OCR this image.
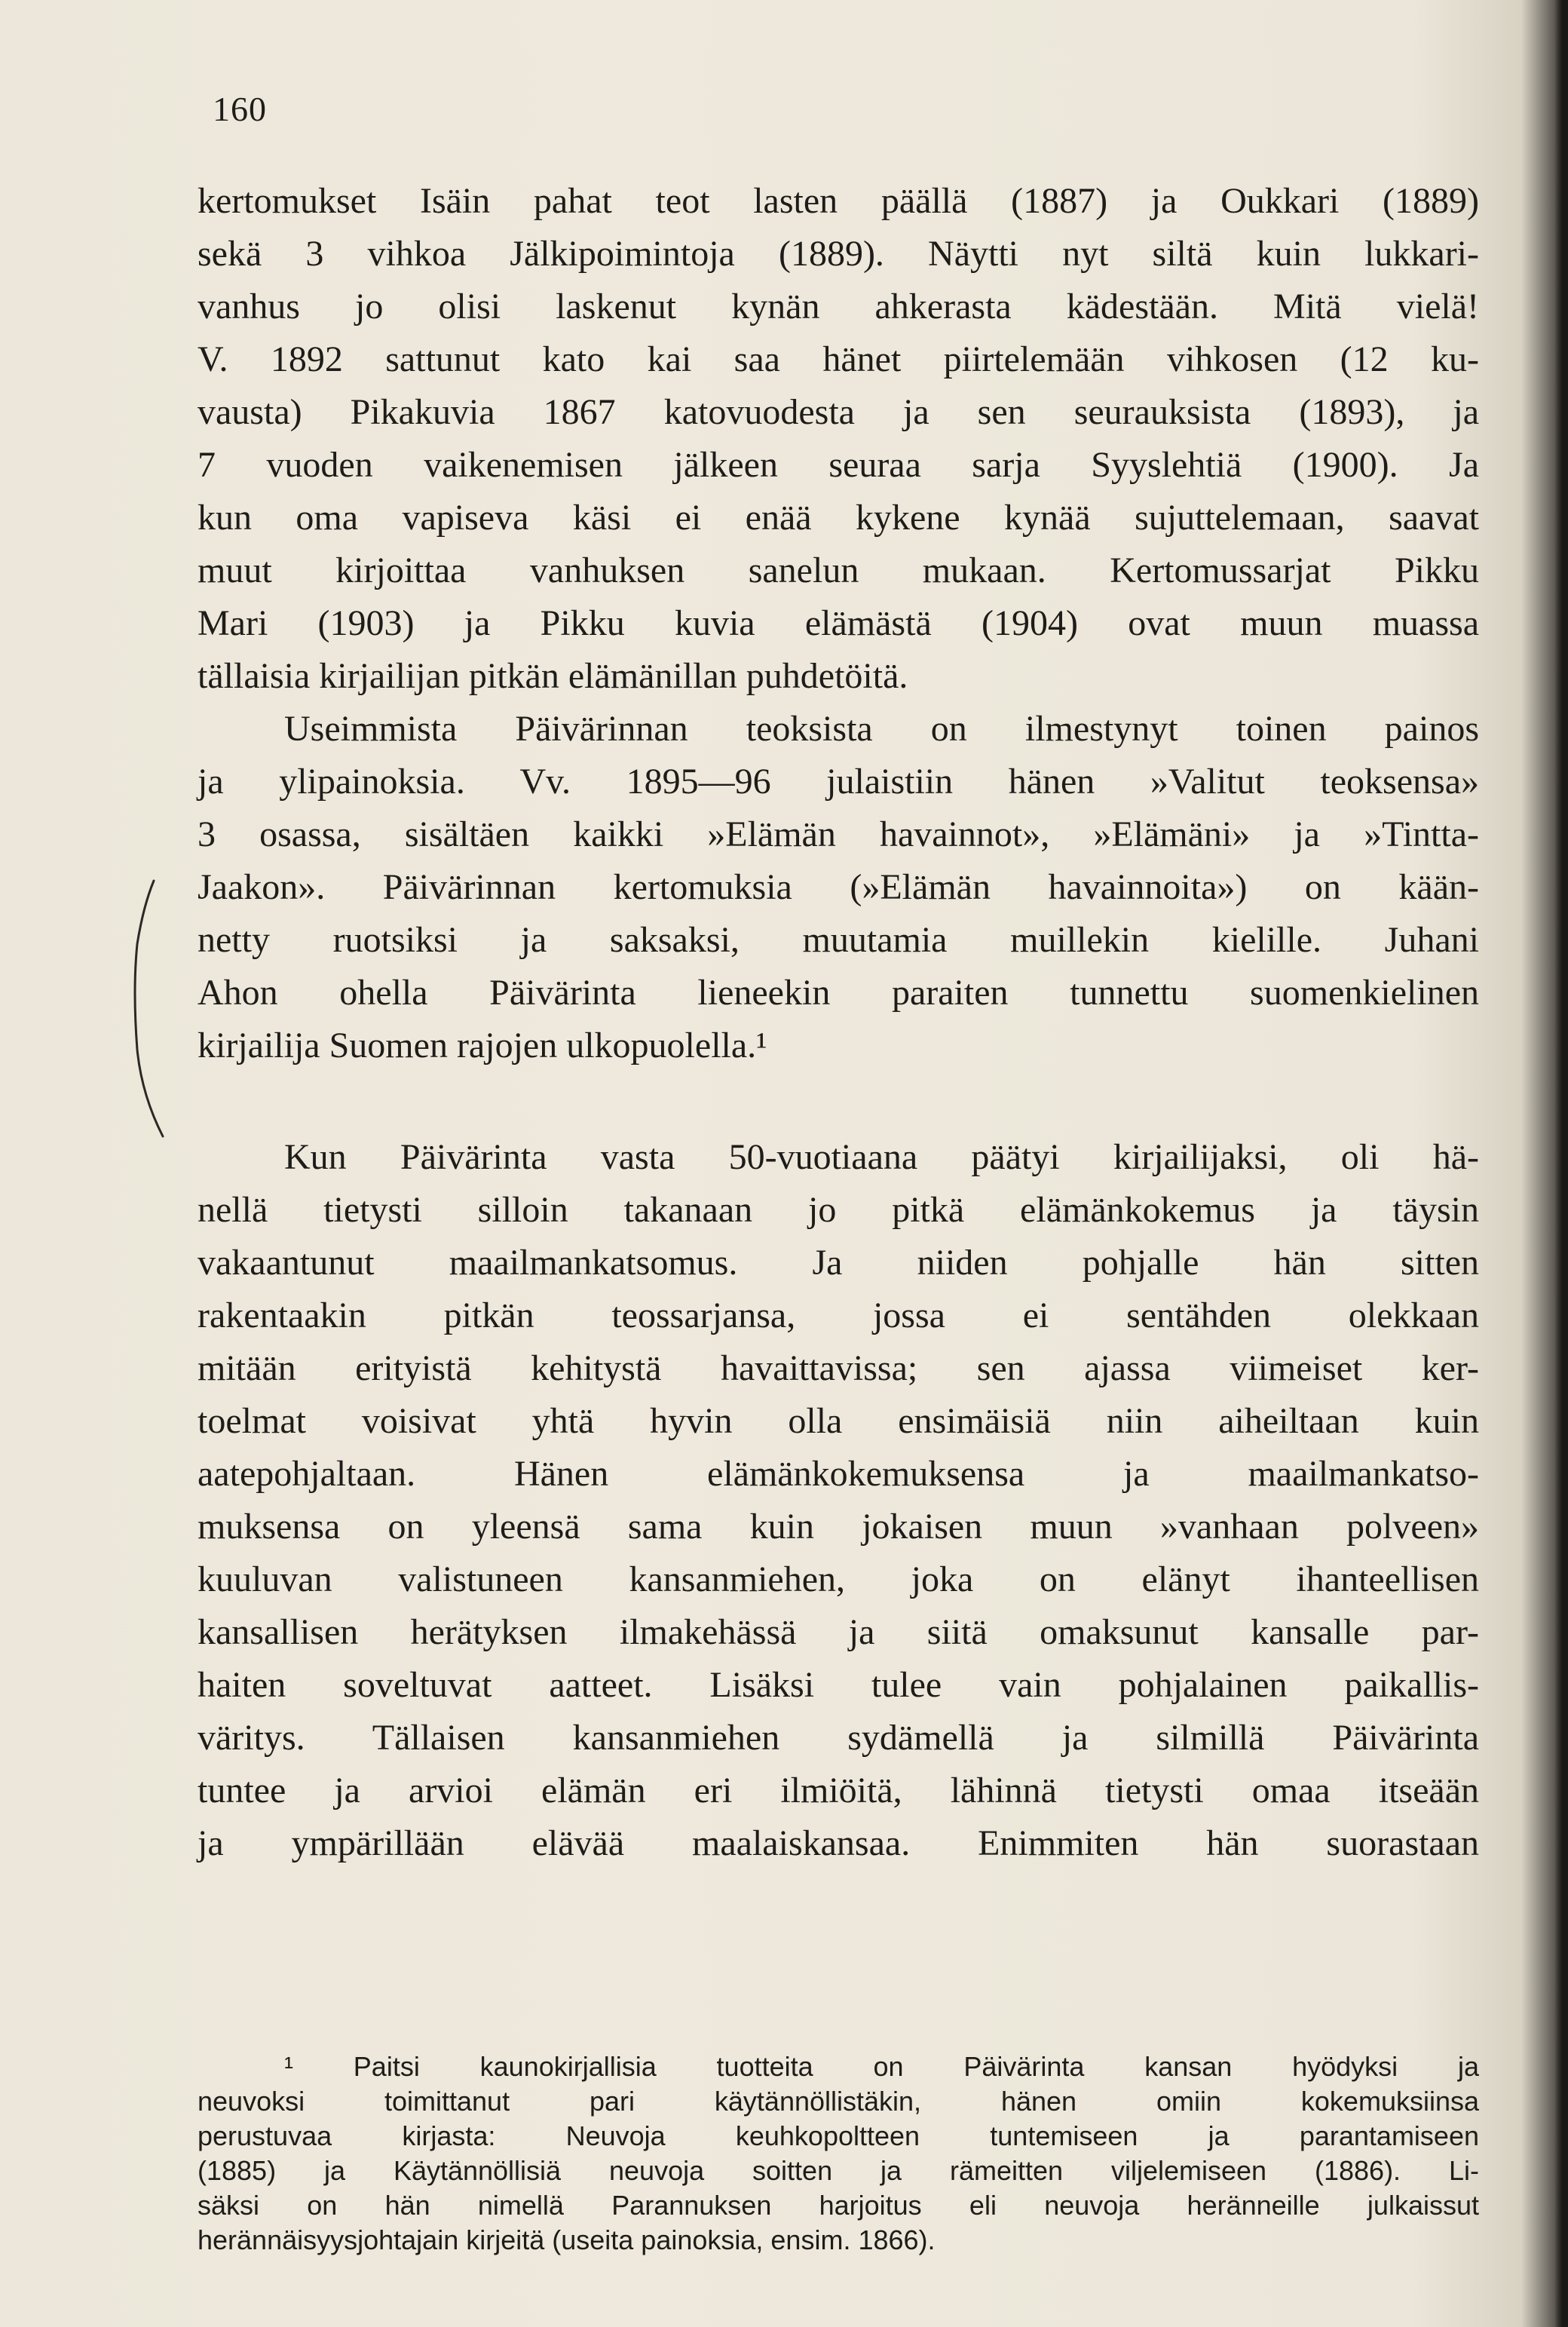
160
kertomukset Isäin pahat teot lasten päällä (1887) ja Oukkari (1889)
sekä 3 vihkoa Jälkipoimintoja (1889). Näytti nyt siltä kuin lukkari-
vanhus jo olisi laskenut kynän ahkerasta kädestään. Mitä vielä!
V. 1892 sattunut kato kai saa hänet piirtelemään vihkosen (12 ku-
vausta) Pikakuvia 1867 katovuodesta ja sen seurauksista (1893), ja
7 vuoden vaikenemisen jälkeen seuraa sarja Syyslehtiä (1900). Ja
kun oma vapiseva käsi ei enää kykene kynää sujuttelemaan, saavat
muut kirjoittaa vanhuksen sanelun mukaan. Kertomussarjat Pikku
Mari (1903) ja Pikku kuvia elämästä (1904) ovat muun muassa
tällaisia kirjailijan pitkän elämänillan puhdetöitä.
Useimmista Päivärinnan teoksista on ilmestynyt toinen painos
ja ylipainoksia. Vv. 1895—96 julaistiin hänen »Valitut teoksensa»
3 osassa, sisältäen kaikki »Elämän havainnot», »Elämäni» ja »Tintta-
Jaakon». Päivärinnan kertomuksia (»Elämän havainnoita») on kään-
netty ruotsiksi ja saksaksi, muutamia muillekin kielille. Juhani
Ahon ohella Päivärinta lieneekin paraiten tunnettu suomenkielinen
kirjailija Suomen rajojen ulkopuolella.¹
Kun Päivärinta vasta 50-vuotiaana päätyi kirjailijaksi, oli hä-
nellä tietysti silloin takanaan jo pitkä elämänkokemus ja täysin
vakaantunut maailmankatsomus. Ja niiden pohjalle hän sitten
rakentaakin pitkän teossarjansa, jossa ei sentähden olekkaan
mitään erityistä kehitystä havaittavissa; sen ajassa viimeiset ker-
toelmat voisivat yhtä hyvin olla ensimäisiä niin aiheiltaan kuin
aatepohjaltaan. Hänen elämänkokemuksensa ja maailmankatso-
muksensa on yleensä sama kuin jokaisen muun »vanhaan polveen»
kuuluvan valistuneen kansanmiehen, joka on elänyt ihanteellisen
kansallisen herätyksen ilmakehässä ja siitä omaksunut kansalle par-
haiten soveltuvat aatteet. Lisäksi tulee vain pohjalainen paikallis-
väritys. Tällaisen kansanmiehen sydämellä ja silmillä Päivärinta
tuntee ja arvioi elämän eri ilmiöitä, lähinnä tietysti omaa itseään
ja ympärillään elävää maalaiskansaa. Enimmiten hän suorastaan
¹ Paitsi kaunokirjallisia tuotteita on Päivärinta kansan hyödyksi ja
neuvoksi toimittanut pari käytännöllistäkin, hänen omiin kokemuksiinsa
perustuvaa kirjasta: Neuvoja keuhkopoltteen tuntemiseen ja parantamiseen
(1885) ja Käytännöllisiä neuvoja soitten ja rämeitten viljelemiseen (1886). Li-
säksi on hän nimellä Parannuksen harjoitus eli neuvoja heränneille julkaissut
herännäisyysjohtajain kirjeitä (useita painoksia, ensim. 1866).
